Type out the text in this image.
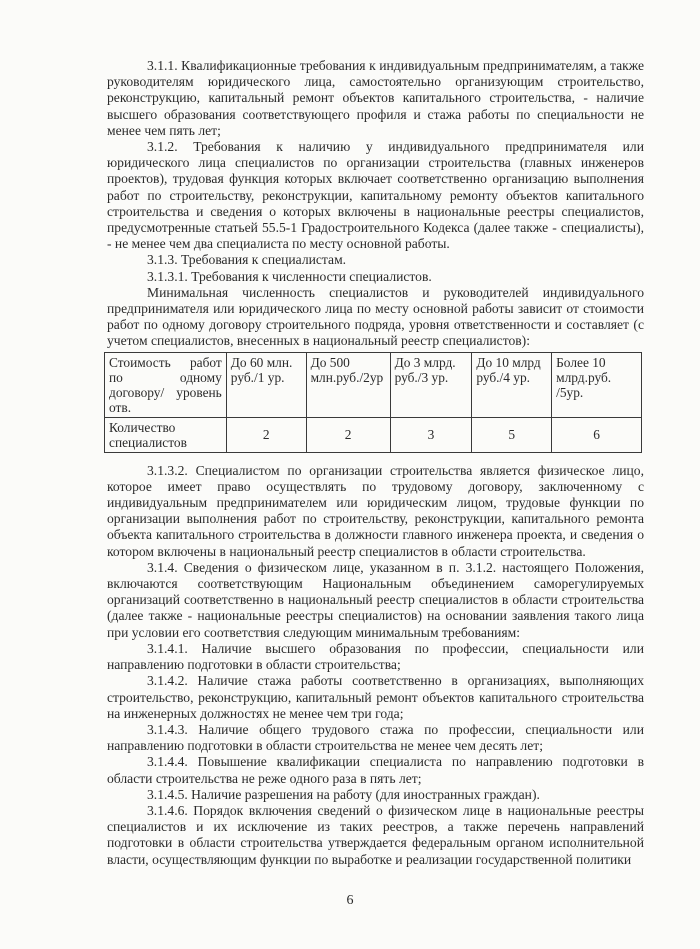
3.1.1. Квалификационные требования к индивидуальным предпринимателям, а также руководителям юридического лица, самостоятельно организующим строительство, реконструкцию, капитальный ремонт объектов капитального строительства, - наличие высшего образования соответствующего профиля и стажа работы по специальности не менее чем пять лет;

3.1.2. Требования к наличию у индивидуального предпринимателя или юридического лица специалистов по организации строительства (главных инженеров проектов), трудовая функция которых включает соответственно организацию выполнения работ по строительству, реконструкции, капитальному ремонту объектов капитального строительства и сведения о которых включены в национальные реестры специалистов, предусмотренные статьей 55.5-1 Градостроительного Кодекса (далее также - специалисты), - не менее чем два специалиста по месту основной работы.

3.1.3. Требования к специалистам.

3.1.3.1. Требования к численности специалистов.

Минимальная численность специалистов и руководителей индивидуального предпринимателя или юридического лица по месту основной работы зависит от стоимости работ по одному договору строительного подряда, уровня ответственности и составляет (с учетом специалистов, внесенных в национальный реестр специалистов):

Стоимость работ по одному договору/ уровень отв.	До 60 млн. руб./1 ур.	До 500 млн.руб./2ур	До 3 млрд. руб./3 ур.	До 10 млрд руб./4 ур.	Более 10 млрд.руб. /5ур.
Количество специалистов	2	2	3	5	6

3.1.3.2. Специалистом по организации строительства является физическое лицо, которое имеет право осуществлять по трудовому договору, заключенному с индивидуальным предпринимателем или юридическим лицом, трудовые функции по организации выполнения работ по строительству, реконструкции, капитального ремонта объекта капитального строительства в должности главного инженера проекта, и сведения о котором включены в национальный реестр специалистов в области строительства.

3.1.4. Сведения о физическом лице, указанном в п. 3.1.2. настоящего Положения, включаются соответствующим Национальным объединением саморегулируемых организаций соответственно в национальный реестр специалистов в области строительства (далее также - национальные реестры специалистов) на основании заявления такого лица при условии его соответствия следующим минимальным требованиям:

3.1.4.1. Наличие высшего образования по профессии, специальности или направлению подготовки в области строительства;

3.1.4.2. Наличие стажа работы соответственно в организациях, выполняющих строительство, реконструкцию, капитальный ремонт объектов капитального строительства на инженерных должностях не менее чем три года;

3.1.4.3. Наличие общего трудового стажа по профессии, специальности или направлению подготовки в области строительства не менее чем десять лет;

3.1.4.4. Повышение квалификации специалиста по направлению подготовки в области строительства не реже одного раза в пять лет;

3.1.4.5. Наличие разрешения на работу (для иностранных граждан).

3.1.4.6. Порядок включения сведений о физическом лице в национальные реестры специалистов и их исключение из таких реестров, а также перечень направлений подготовки в области строительства утверждается федеральным органом исполнительной власти, осуществляющим функции по выработке и реализации государственной политики

6
